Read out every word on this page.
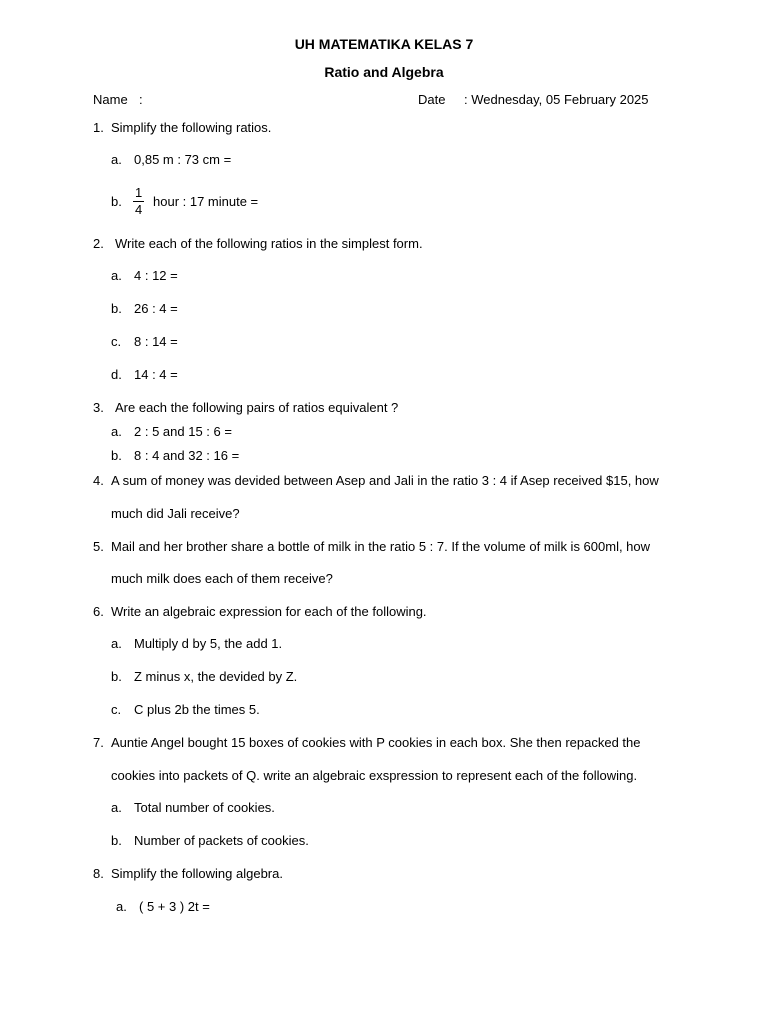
UH MATEMATIKA KELAS 7
Ratio and Algebra
Name :	Date : Wednesday, 05 February 2025
1. Simplify the following ratios.
a. 0,85 m : 73 cm =
b. $\frac{1}{4}$ hour : 17 minute =
2. Write each of the following ratios in the simplest form.
a. 4 : 12 =
b. 26 : 4 =
c. 8 : 14 =
d. 14 : 4 =
3. Are each the following pairs of ratios equivalent ?
a. 2 : 5 and 15 : 6 =
b. 8 : 4 and 32 : 16 =
4. A sum of money was devided between Asep and Jali in the ratio 3 : 4 if Asep received $15, how
much did Jali receive?
5. Mail and her brother share a bottle of milk in the ratio 5 : 7. If the volume of milk is 600ml, how
much milk does each of them receive?
6. Write an algebraic expression for each of the following.
a. Multiply d by 5, the add 1.
b. Z minus x, the devided by Z.
c. C plus 2b the times 5.
7. Auntie Angel bought 15 boxes of cookies with P cookies in each box. She then repacked the
cookies into packets of Q. write an algebraic exspression to represent each of the following.
a. Total number of cookies.
b. Number of packets of cookies.
8. Simplify the following algebra.
a. ( 5 + 3 ) 2t =
